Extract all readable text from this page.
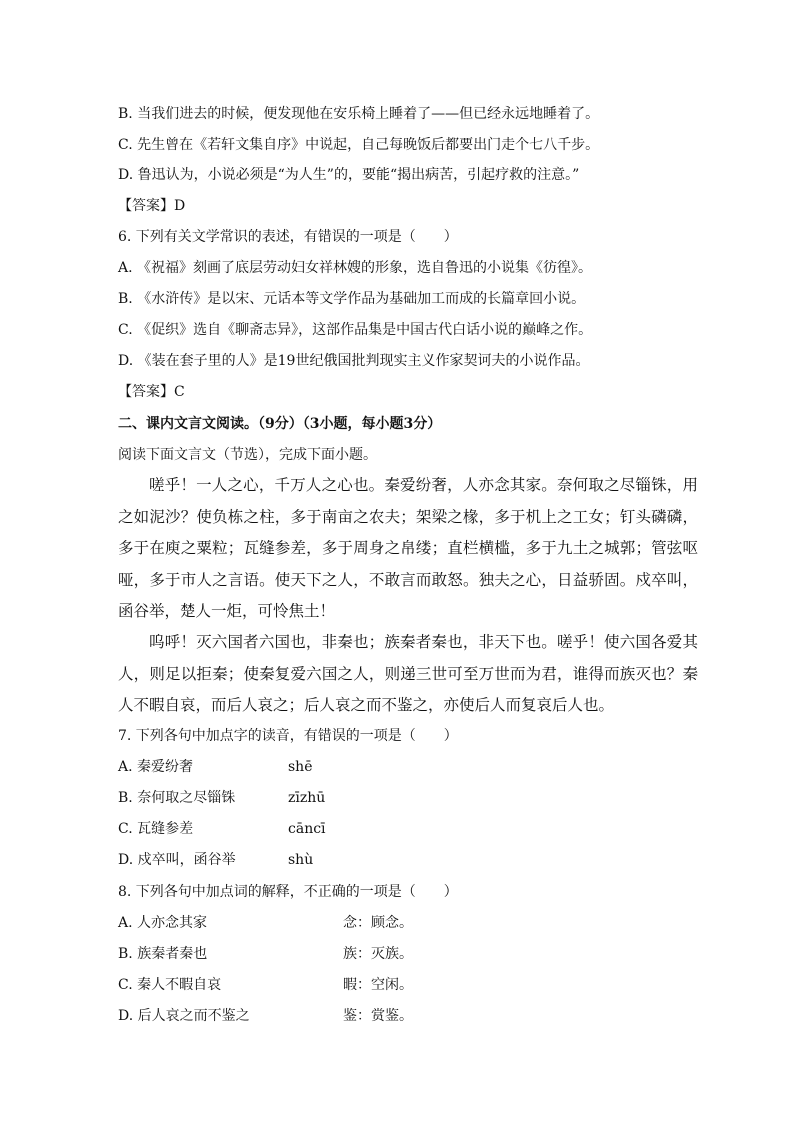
B. 当我们进去的时候，便发现他在安乐椅上睡着了——但已经永远地睡着了。
C. 先生曾在《若轩文集自序》中说起，自己每晚饭后都要出门走个七八千步。
D. 鲁迅认为，小说必须是“为人生”的，要能“揭出病苦，引起疗救的注意。”
【答案】D
6. 下列有关文学常识的表述，有错误的一项是（　　）
A. 《祝福》刻画了底层劳动妇女祥林嫂的形象，选自鲁迅的小说集《彷徨》。
B. 《水浒传》是以宋、元话本等文学作品为基础加工而成的长篇章回小说。
C. 《促织》选自《聊斋志异》，这部作品集是中国古代白话小说的巅峰之作。
D. 《装在套子里的人》是19世纪俄国批判现实主义作家契诃夫的小说作品。
【答案】C
二、课内文言文阅读。（9分）（3小题，每小题3分）
阅读下面文言文（节选），完成下面小题。
嗟乎！一人之心，千万人之心也。秦爱纷奢，人亦念其家。奈何取之尽锱铢，用之如泥沙？使负栋之柱，多于南亩之农夫；架梁之椽，多于机上之工女；钉头磷磷，多于在庾之粟粒；瓦缝参差，多于周身之帛缕；直栏横槛，多于九土之城郭；管弦呕哑，多于市人之言语。使天下之人，不敢言而敢怒。独夫之心，日益骄固。戍卒叫，函谷举，楚人一炬，可怜焦土！
呜呼！灭六国者六国也，非秦也；族秦者秦也，非天下也。嗟乎！使六国各爱其人，则足以拒秦；使秦复爱六国之人，则递三世可至万世而为君，谁得而族灭也？秦人不暇自哀，而后人哀之；后人哀之而不鉴之，亦使后人而复哀后人也。
7. 下列各句中加点字的读音，有错误的一项是（　　）
A. 秦爱纷奢	shē
B. 奈何取之尽锱铢	zīzhū
C. 瓦缝参差	cāncī
D. 戍卒叫，函谷举	shù
8. 下列各句中加点词的解释，不正确的一项是（　　）
A. 人亦念其家	念：顾念。
B. 族秦者秦也	族：灭族。
C. 秦人不暇自哀	暇：空闲。
D. 后人哀之而不鉴之	鉴：赏鉴。
